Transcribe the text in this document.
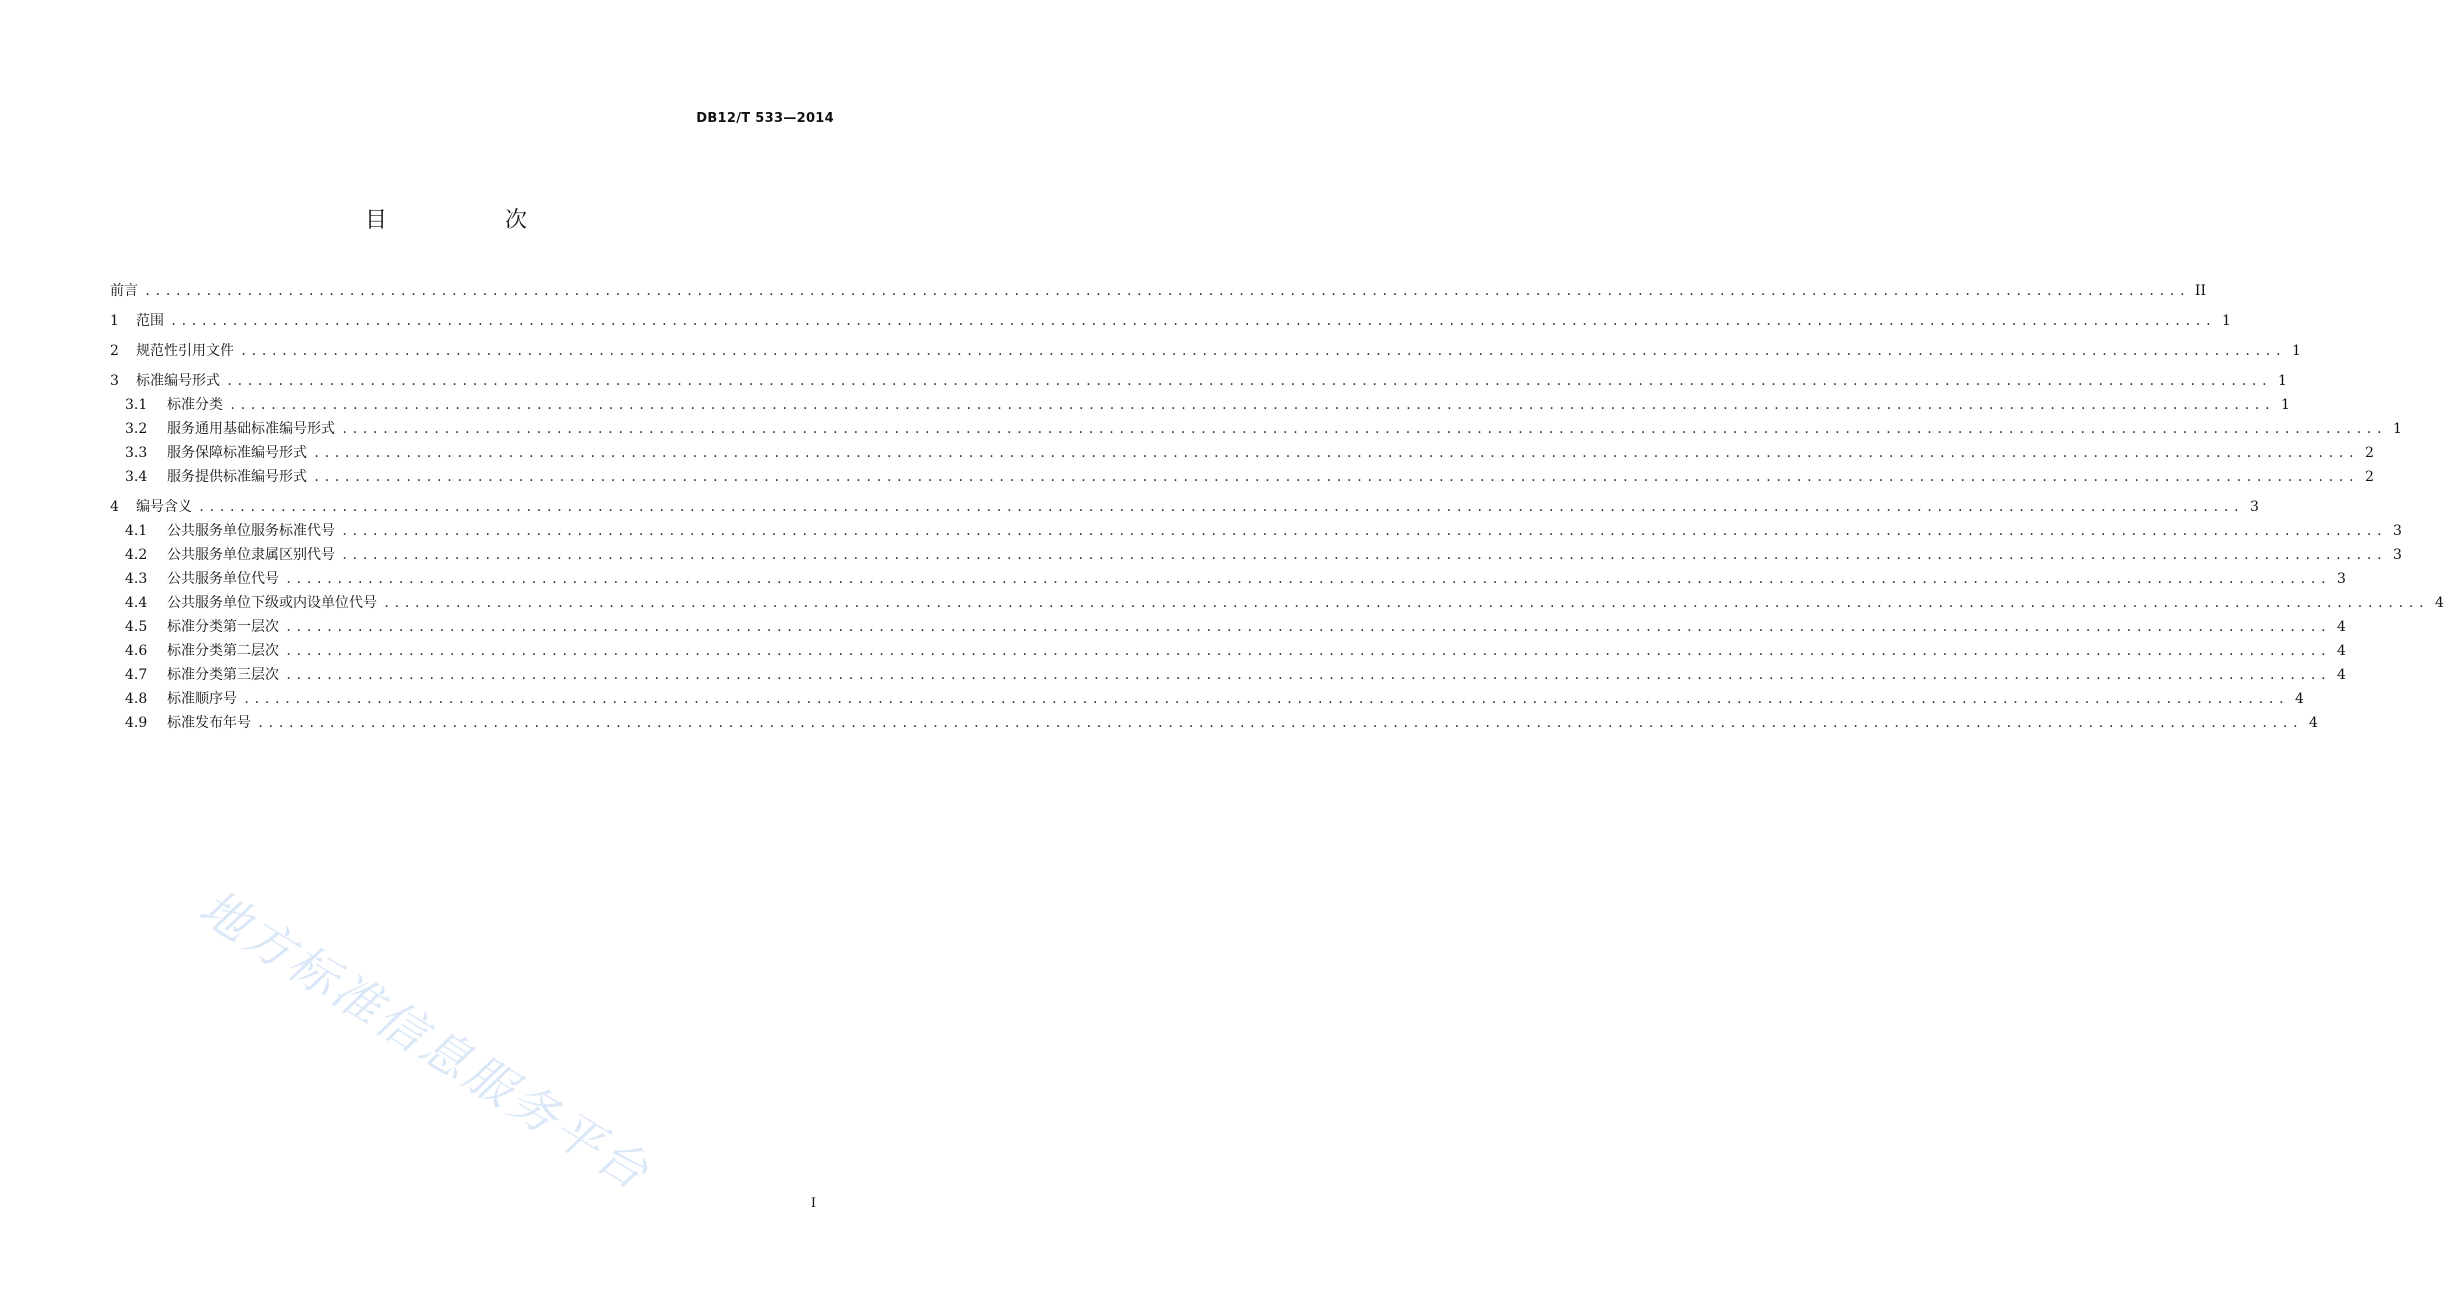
DB12/T 533—2014
目　次
前言 ........................................................................................................................................................................................................ II
1	范围 ........................................................................................................................................................................................................ 1
2	规范性引用文件 ........................................................................................................................................................................................................ 1
3	标准编号形式 ........................................................................................................................................................................................................ 1
3.1	标准分类 ........................................................................................................................................................................................................ 1
3.2	服务通用基础标准编号形式 ........................................................................................................................................................................................................ 1
3.3	服务保障标准编号形式 ........................................................................................................................................................................................................ 2
3.4	服务提供标准编号形式 ........................................................................................................................................................................................................ 2
4	编号含义 ........................................................................................................................................................................................................ 3
4.1	公共服务单位服务标准代号 ........................................................................................................................................................................................................ 3
4.2	公共服务单位隶属区别代号 ........................................................................................................................................................................................................ 3
4.3	公共服务单位代号 ........................................................................................................................................................................................................ 3
4.4	公共服务单位下级或内设单位代号 ........................................................................................................................................................................................................ 4
4.5	标准分类第一层次 ........................................................................................................................................................................................................ 4
4.6	标准分类第二层次 ........................................................................................................................................................................................................ 4
4.7	标准分类第三层次 ........................................................................................................................................................................................................ 4
4.8	标准顺序号 ........................................................................................................................................................................................................ 4
4.9	标准发布年号 ........................................................................................................................................................................................................ 4
地方标准信息服务平台
I
